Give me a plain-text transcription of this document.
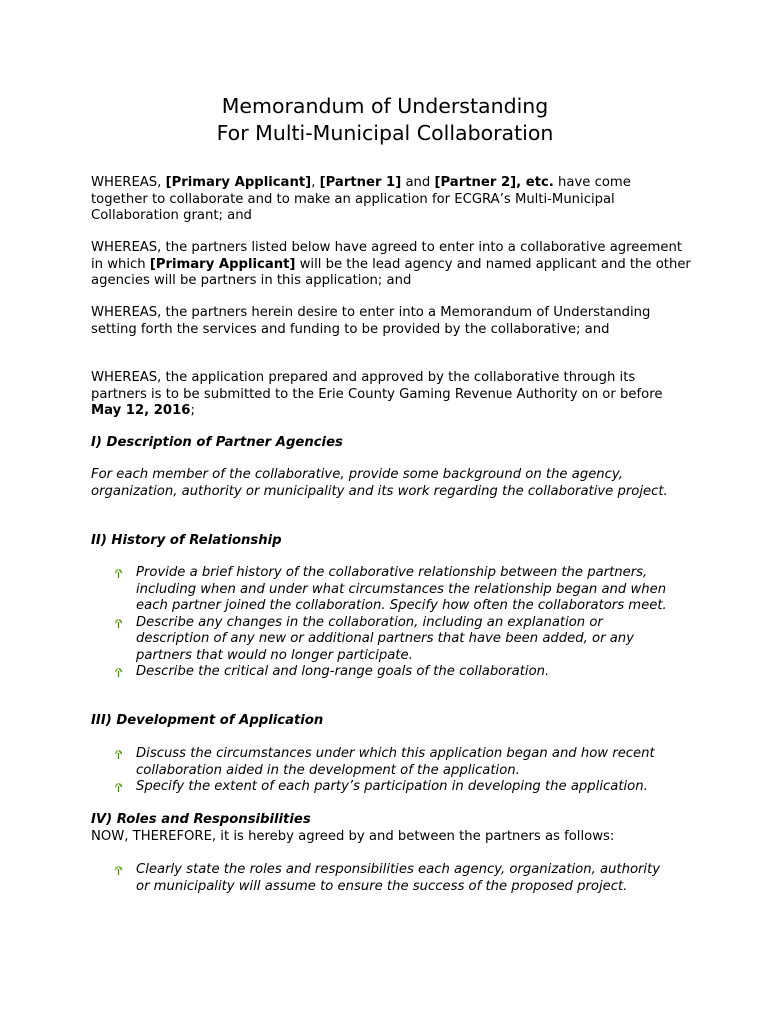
Memorandum of Understanding
For Multi-Municipal Collaboration

WHEREAS, [Primary Applicant], [Partner 1] and [Partner 2], etc. have come together to collaborate and to make an application for ECGRA’s Multi-Municipal Collaboration grant; and

WHEREAS, the partners listed below have agreed to enter into a collaborative agreement in which [Primary Applicant] will be the lead agency and named applicant and the other agencies will be partners in this application; and

WHEREAS, the partners herein desire to enter into a Memorandum of Understanding setting forth the services and funding to be provided by the collaborative; and

WHEREAS, the application prepared and approved by the collaborative through its partners is to be submitted to the Erie County Gaming Revenue Authority on or before May 12, 2016;

I) Description of Partner Agencies
For each member of the collaborative, provide some background on the agency, organization, authority or municipality and its work regarding the collaborative project.
II) History of Relationship
Provide a brief history of the collaborative relationship between the partners, including when and under what circumstances the relationship began and when each partner joined the collaboration. Specify how often the collaborators meet.
Describe any changes in the collaboration, including an explanation or description of any new or additional partners that have been added, or any partners that would no longer participate.
Describe the critical and long-range goals of the collaboration.
III) Development of Application
Discuss the circumstances under which this application began and how recent collaboration aided in the development of the application.
Specify the extent of each party’s participation in developing the application.
IV) Roles and Responsibilities
NOW, THEREFORE, it is hereby agreed by and between the partners as follows:
Clearly state the roles and responsibilities each agency, organization, authority or municipality will assume to ensure the success of the proposed project.
